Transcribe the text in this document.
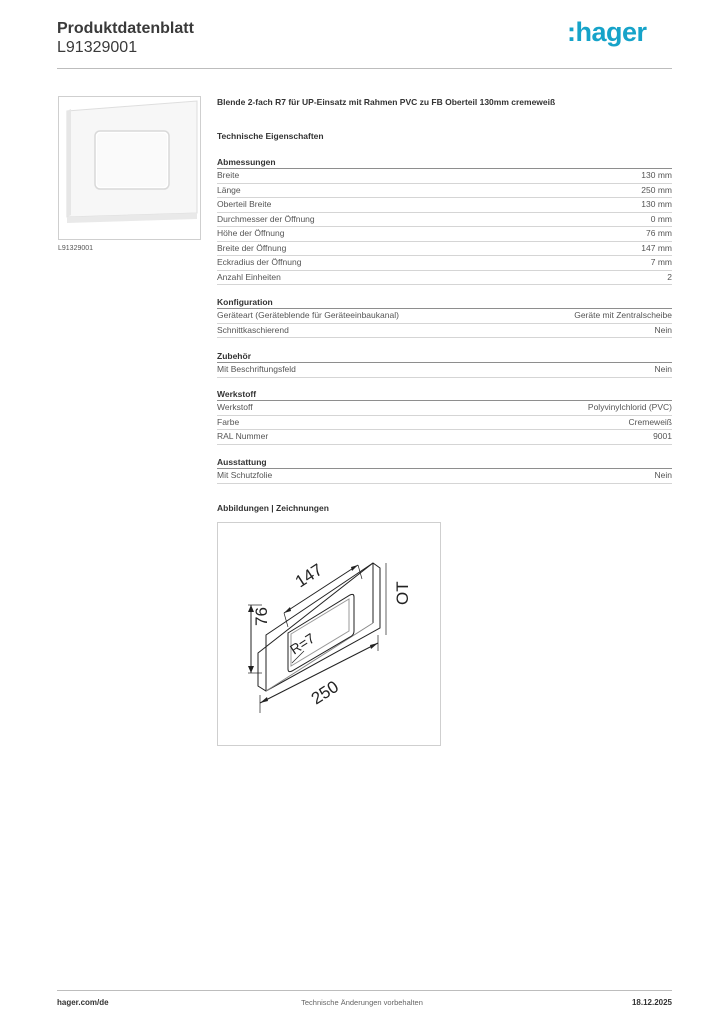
Produktdatenblatt
L91329001
:hager
L91329001
Blende 2-fach R7 für UP-Einsatz mit Rahmen PVC zu FB Oberteil 130mm cremeweiß
Technische Eigenschaften
Abmessungen
Breite	130 mm
Länge	250 mm
Oberteil Breite	130 mm
Durchmesser der Öffnung	0 mm
Höhe der Öffnung	76 mm
Breite der Öffnung	147 mm
Eckradius der Öffnung	7 mm
Anzahl Einheiten	2
Konfiguration
Geräteart (Geräteblende für Geräteeinbaukanal)	Geräte mit Zentralscheibe
Schnittkaschierend	Nein
Zubehör
Mit Beschriftungsfeld	Nein
Werkstoff
Werkstoff	Polyvinylchlorid (PVC)
Farbe	Cremeweiß
RAL Nummer	9001
Ausstattung
Mit Schutzfolie	Nein
Abbildungen | Zeichnungen
147
76
R=7
250
OT
hager.com/de	Technische Änderungen vorbehalten	18.12.2025
